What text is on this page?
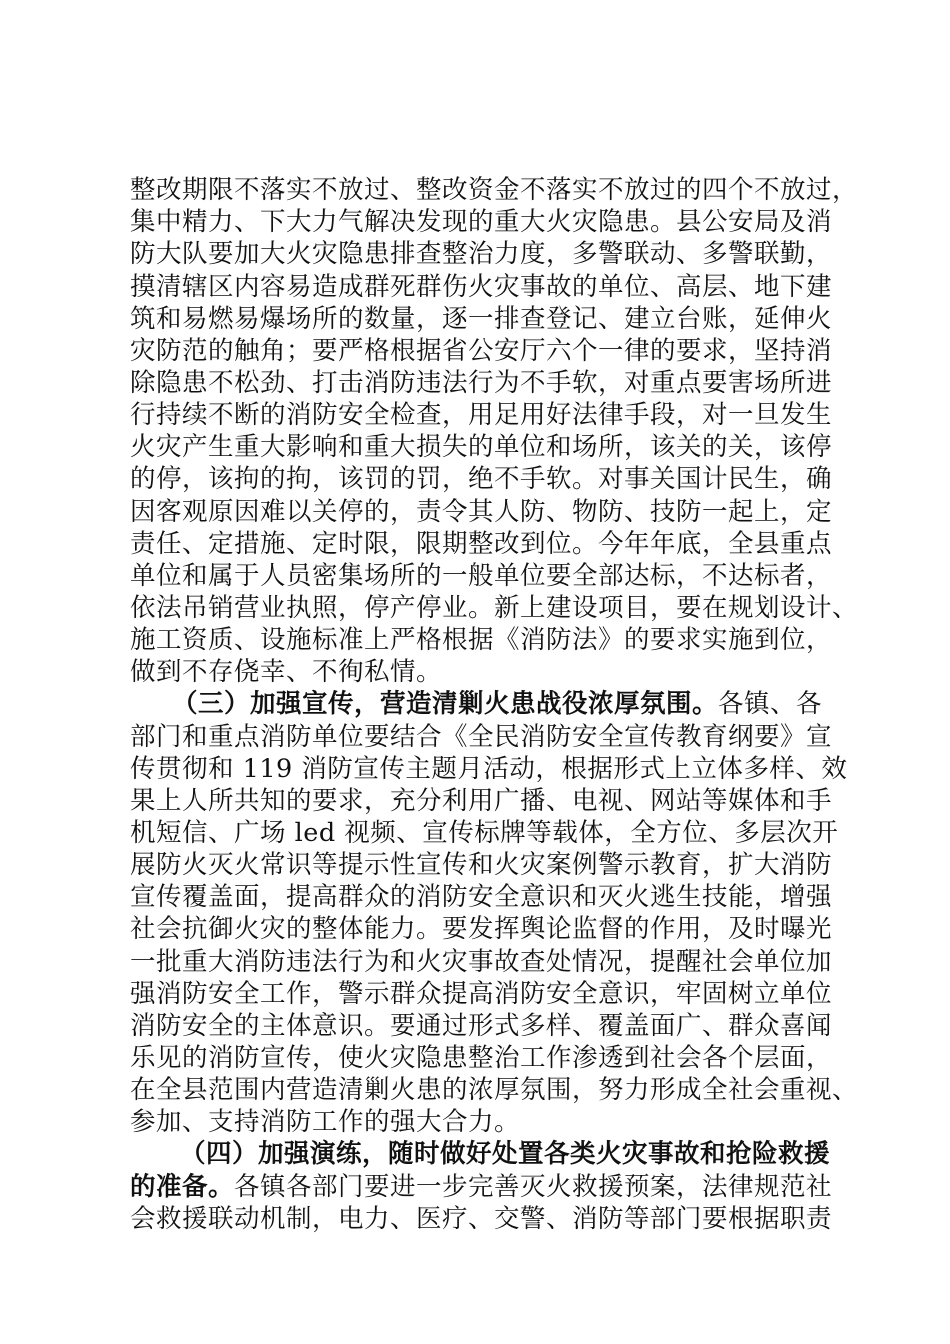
整改期限不落实不放过、整改资金不落实不放过的四个不放过，
集中精力、下大力气解决发现的重大火灾隐患。县公安局及消
防大队要加大火灾隐患排查整治力度，多警联动、多警联勤，
摸清辖区内容易造成群死群伤火灾事故的单位、高层、地下建
筑和易燃易爆场所的数量，逐一排查登记、建立台账，延伸火
灾防范的触角；要严格根据省公安厅六个一律的要求，坚持消
除隐患不松劲、打击消防违法行为不手软，对重点要害场所进
行持续不断的消防安全检查，用足用好法律手段，对一旦发生
火灾产生重大影响和重大损失的单位和场所，该关的关，该停
的停，该拘的拘，该罚的罚，绝不手软。对事关国计民生，确
因客观原因难以关停的，责令其人防、物防、技防一起上，定
责任、定措施、定时限，限期整改到位。今年年底，全县重点
单位和属于人员密集场所的一般单位要全部达标，不达标者，
依法吊销营业执照，停产停业。新上建设项目，要在规划设计、
施工资质、设施标准上严格根据《消防法》的要求实施到位，
做到不存侥幸、不徇私情。
（三）加强宣传，营造清剿火患战役浓厚氛围。各镇、各
部门和重点消防单位要结合《全民消防安全宣传教育纲要》宣
传贯彻和 119 消防宣传主题月活动，根据形式上立体多样、效
果上人所共知的要求，充分利用广播、电视、网站等媒体和手
机短信、广场 led 视频、宣传标牌等载体，全方位、多层次开
展防火灭火常识等提示性宣传和火灾案例警示教育，扩大消防
宣传覆盖面，提高群众的消防安全意识和灭火逃生技能，增强
社会抗御火灾的整体能力。要发挥舆论监督的作用，及时曝光
一批重大消防违法行为和火灾事故查处情况，提醒社会单位加
强消防安全工作，警示群众提高消防安全意识，牢固树立单位
消防安全的主体意识。要通过形式多样、覆盖面广、群众喜闻
乐见的消防宣传，使火灾隐患整治工作渗透到社会各个层面，
在全县范围内营造清剿火患的浓厚氛围，努力形成全社会重视、
参加、支持消防工作的强大合力。
（四）加强演练，随时做好处置各类火灾事故和抢险救援
的准备。各镇各部门要进一步完善灭火救援预案，法律规范社
会救援联动机制，电力、医疗、交警、消防等部门要根据职责
